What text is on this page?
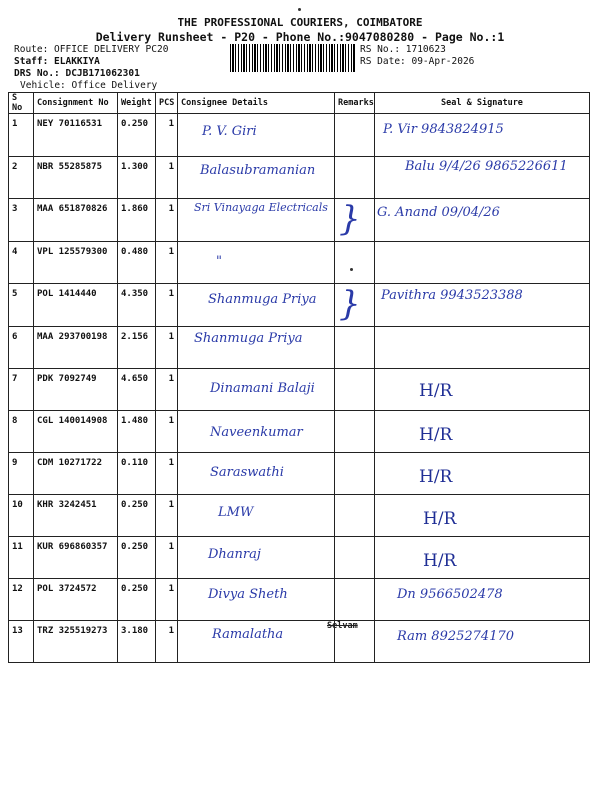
THE PROFESSIONAL COURIERS, COIMBATORE
Delivery Runsheet - P20 - Phone No.:9047080280 - Page No.:1
Route: OFFICE DELIVERY PC20
Staff: ELAKKIYA
DRS No.: DCJB171062301
Vehicle: Office Delivery
RS No.: 1710623
RS Date: 09-Apr-2026
S No	Consignment No	Weight	PCS	Consignee Details	Remarks	Seal & Signature
1	NEY 70116531	0.250	1	P. V. Giri		P. Vir 9843824915

2	NBR 55285875	1.300	1	Balasubramanian		Balu 9/4/26 9865226611

3	MAA 651870826	1.860	1	Sri Vinayaga Electricals	}	G. Anand 09/04/26

4	VPL 125579300	0.480	1	"		

5	POL 1414440	4.350	1	Shanmuga Priya	}	Pavithra 9943523388

6	MAA 293700198	2.156	1	Shanmuga Priya		

7	PDK 7092749	4.650	1	Dinamani Balaji		H/R

8	CGL 140014908	1.480	1	Naveenkumar		H/R

9	CDM 10271722	0.110	1	Saraswathi		H/R

10	KHR 3242451	0.250	1	LMW		H/R

11	KUR 696860357	0.250	1	Dhanraj		H/R

12	POL 3724572	0.250	1	Divya Sheth		Dn 9566502478

13	TRZ 325519273	3.180	1	Ramalatha	Selvam	Ram 8925274170
